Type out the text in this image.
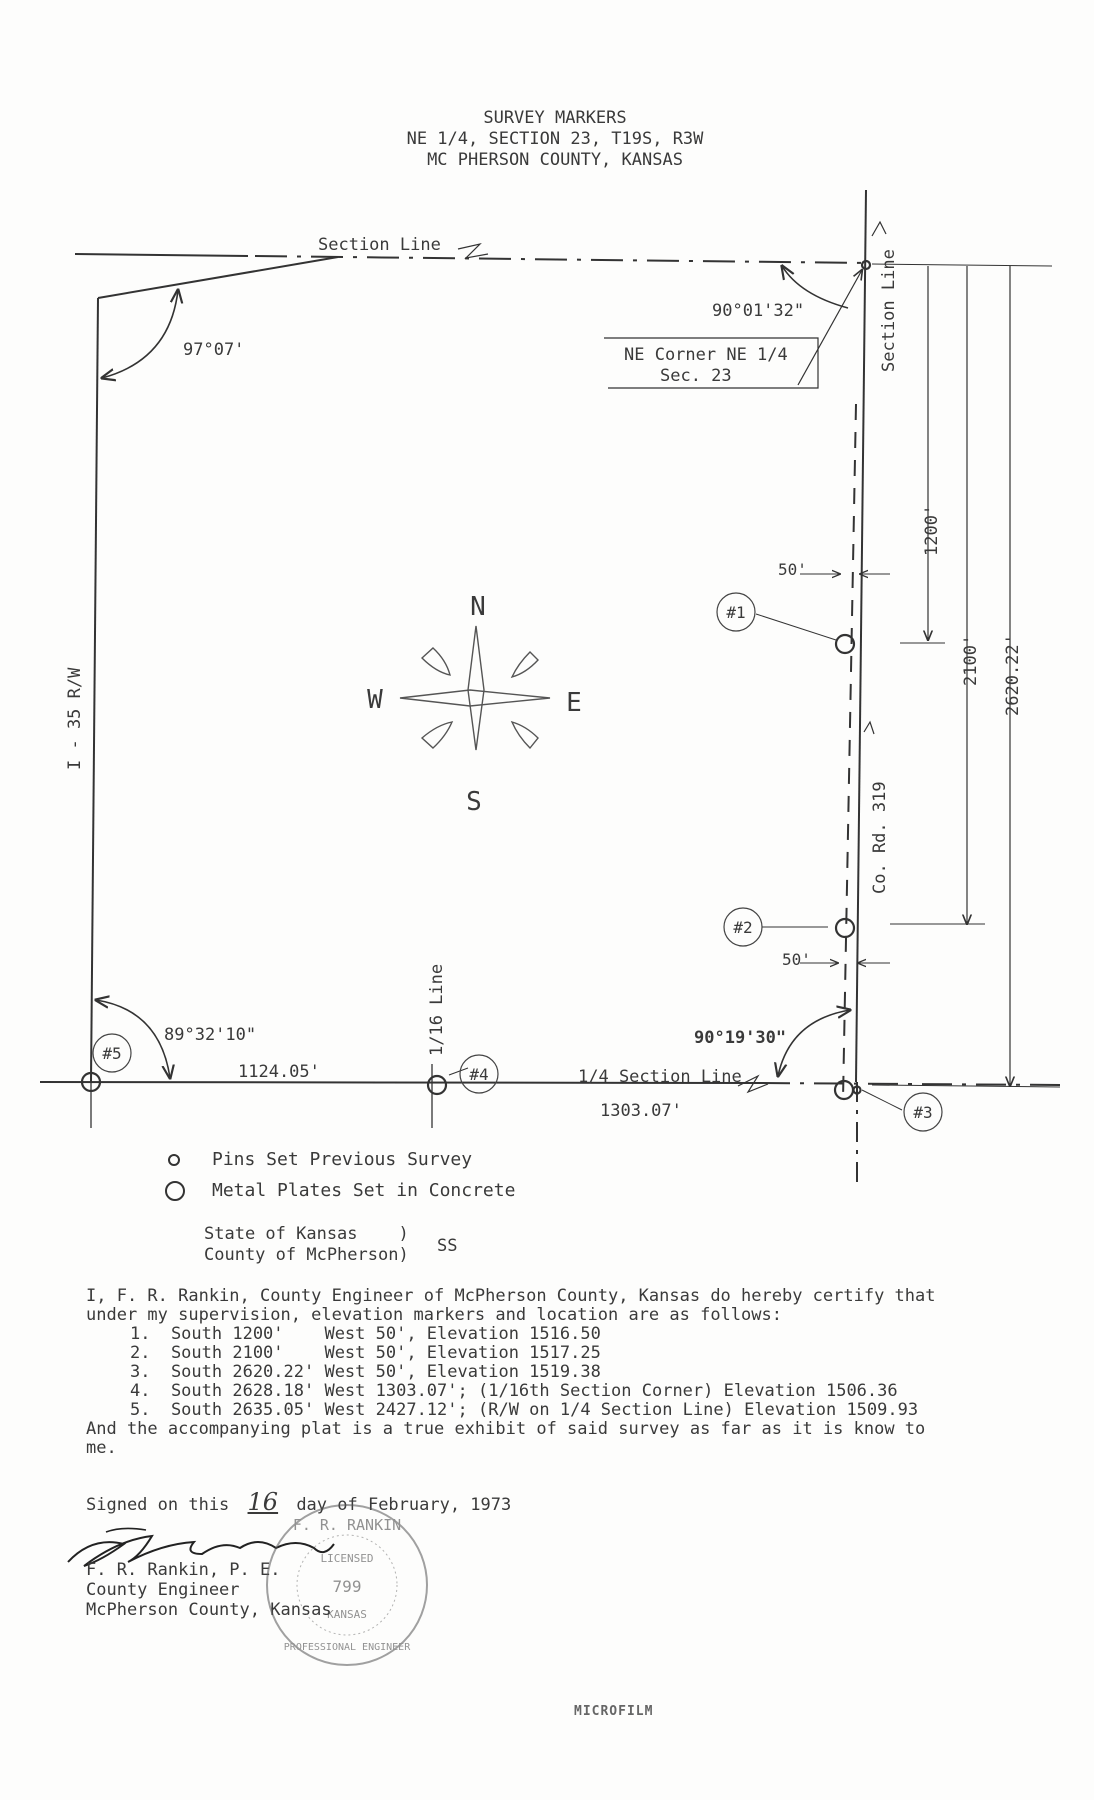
SURVEY MARKERS
NE 1/4, SECTION 23, T19S, R3W
MC PHERSON COUNTY, KANSAS
#1
#2
#3
#4
#5
N
S
E
W
Section Line
Section Line
97°07'
90°01'32"
NE Corner NE 1/4
Sec. 23
1200'
2100' 2620.22'
50'
50'
Co. Rd. 319
I - 35 R/W
89°32'10"	90°19'30"
1124.05'
1303.07'
1/16 Line
1/4 Section Line
Pins Set Previous Survey
Metal Plates Set in Concrete
State of Kansas    )
County of McPherson) SS
I, F. R. Rankin, County Engineer of McPherson County, Kansas do hereby certify that
under my supervision, elevation markers and location are as follows:
1.  South 1200'    West 50', Elevation 1516.50
2.  South 2100'    West 50', Elevation 1517.25
3.  South 2620.22' West 50', Elevation 1519.38
4.  South 2628.18' West 1303.07'; (1/16th Section Corner) Elevation 1506.36
5.  South 2635.05' West 2427.12'; (R/W on 1/4 Section Line) Elevation 1509.93
And the accompanying plat is a true exhibit of said survey as far as it is know to
me.
Signed on this 16 day of February, 1973
F. R. Rankin, P. E.
County Engineer
McPherson County, Kansas
F. R. RANKIN
LICENSED
799
KANSAS
PROFESSIONAL ENGINEER
MICROFILM
